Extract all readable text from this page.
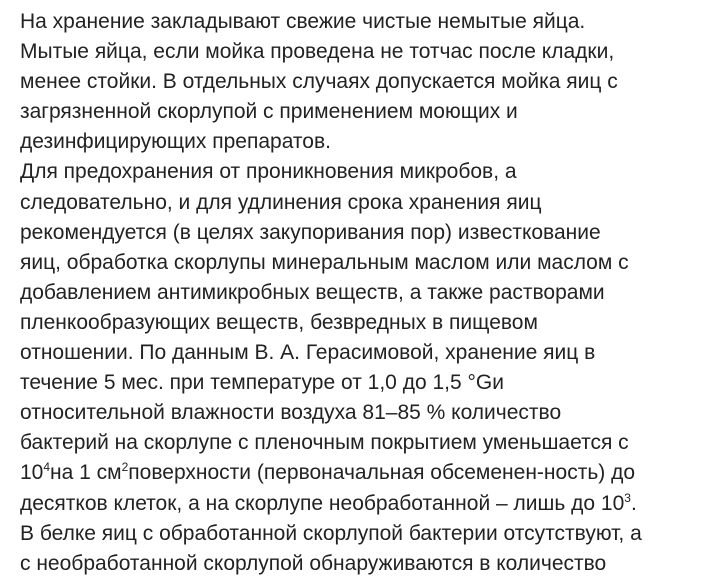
На хранение закладывают свежие чистые немытые яйца.
Мытые яйца, если мойка проведена не тотчас после кладки,
менее стойки. В отдельных случаях допускается мойка яиц с
загрязненной скорлупой с применением моющих и
дезинфицирующих препаратов.
Для предохранения от проникновения микробов, а
следовательно, и для удлинения срока хранения яиц
рекомендуется (в целях закупоривания пор) известкование
яиц, обработка скорлупы минеральным маслом или маслом с
добавлением антимикробных веществ, а также растворами
пленкообразующих веществ, безвредных в пищевом
отношении. По данным В. А. Герасимовой, хранение яиц в
течение 5 мес. при температуре от 1,0 до 1,5 °Gи
относительной влажности воздуха 81–85 % количество
бактерий на скорлупе с пленочным покрытием уменьшается с
$10^4на$ 1 $см^2поверхности$ (первоначальная обсеменен-ность) до
десятков клеток, а на скорлупе необработанной – лишь до $10^3$.
В белке яиц с обработанной скорлупой бактерии отсутствуют, а
с необработанной скорлупой обнаруживаются в количество
